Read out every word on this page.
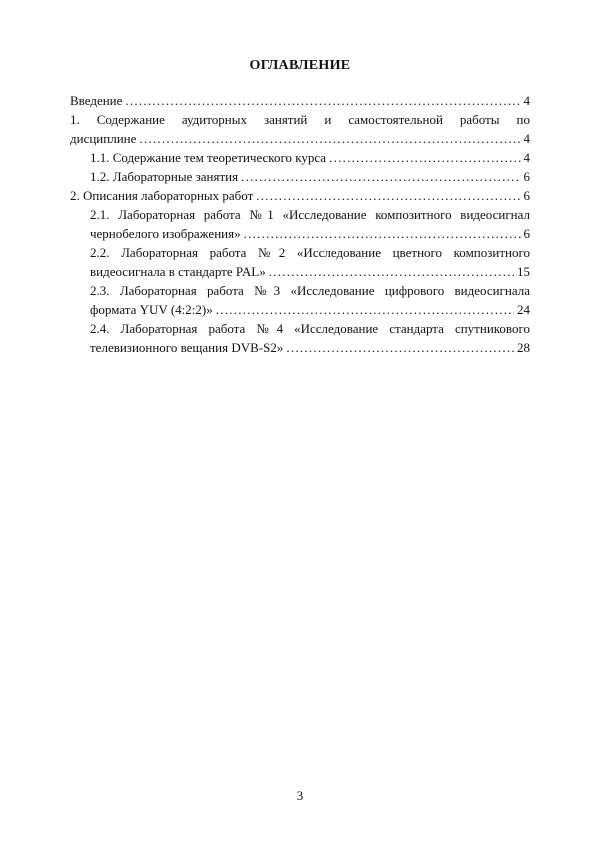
ОГЛАВЛЕНИЕ
Введение . . .	4
1. Содержание аудиторных занятий и самостоятельной работы по
дисциплине . . .	4
1.1. Содержание тем теоретического курса . . .	4
1.2. Лабораторные занятия . . .	6
2. Описания лабораторных работ . . .	6
2.1. Лабораторная работа №1 «Исследование композитного видеосигнал
чернобелого изображения» . . .	6
2.2. Лабораторная работа №2 «Исследование цветного композитного
видеосигнала в стандарте PAL» . . .	15
2.3. Лабораторная работа №3 «Исследование цифрового видеосигнала
формата YUV (4:2:2)» . . .	24
2.4. Лабораторная работа №4 «Исследование стандарта спутникового
телевизионного вещания DVB-S2» . . .	28
3
